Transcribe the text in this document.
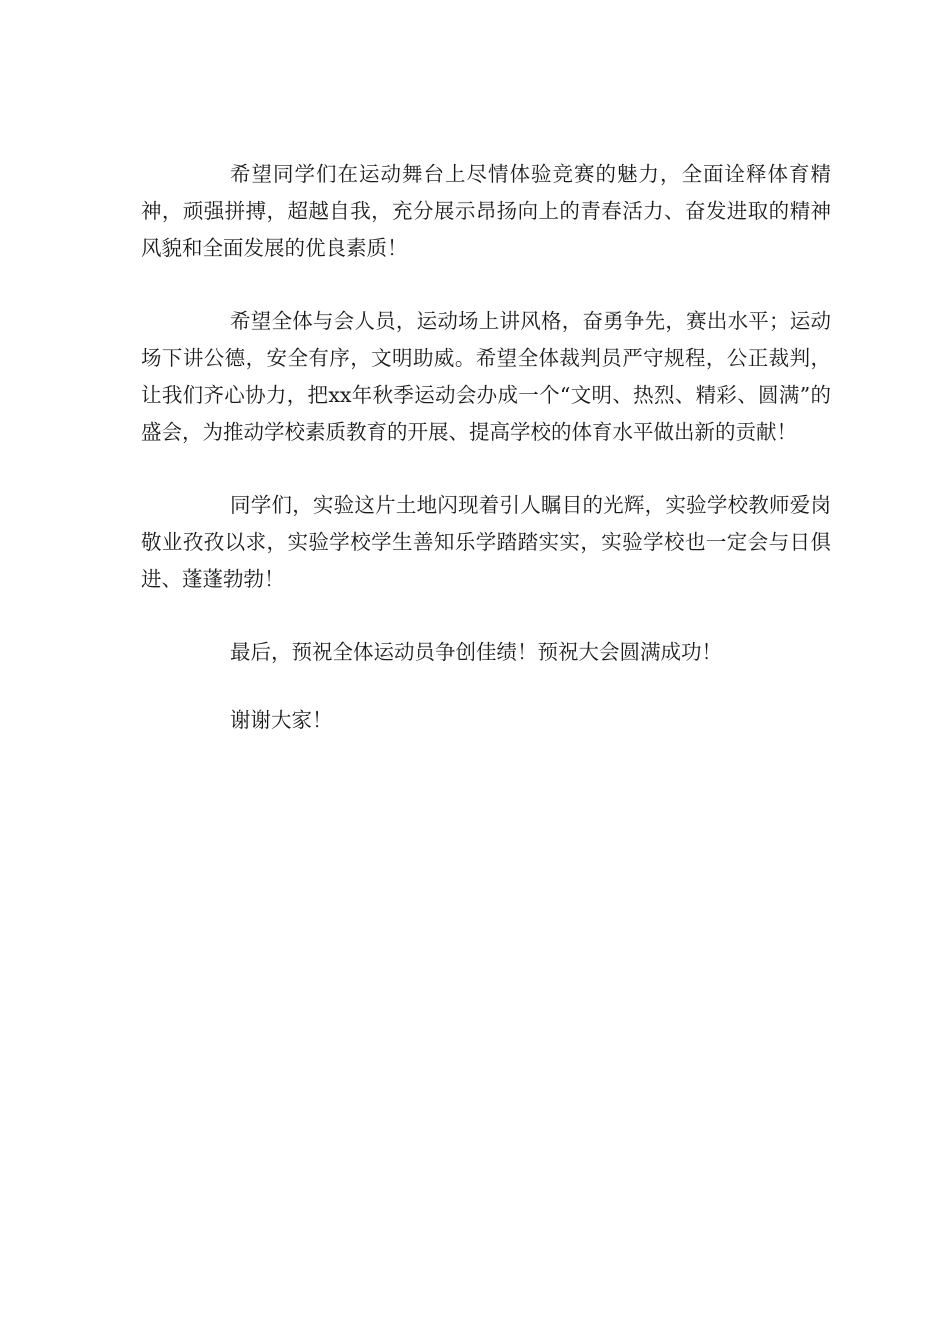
希望同学们在运动舞台上尽情体验竞赛的魅力，全面诠释体育精神，顽强拼搏，超越自我，充分展示昂扬向上的青春活力、奋发进取的精神风貌和全面发展的优良素质！

希望全体与会人员，运动场上讲风格，奋勇争先，赛出水平；运动场下讲公德，安全有序，文明助威。希望全体裁判员严守规程，公正裁判，让我们齐心协力，把xx年秋季运动会办成一个“文明、热烈、精彩、圆满”的盛会，为推动学校素质教育的开展、提高学校的体育水平做出新的贡献！

同学们，实验这片土地闪现着引人瞩目的光辉，实验学校教师爱岗敬业孜孜以求，实验学校学生善知乐学踏踏实实，实验学校也一定会与日俱进、蓬蓬勃勃！

最后，预祝全体运动员争创佳绩！预祝大会圆满成功！

谢谢大家！
